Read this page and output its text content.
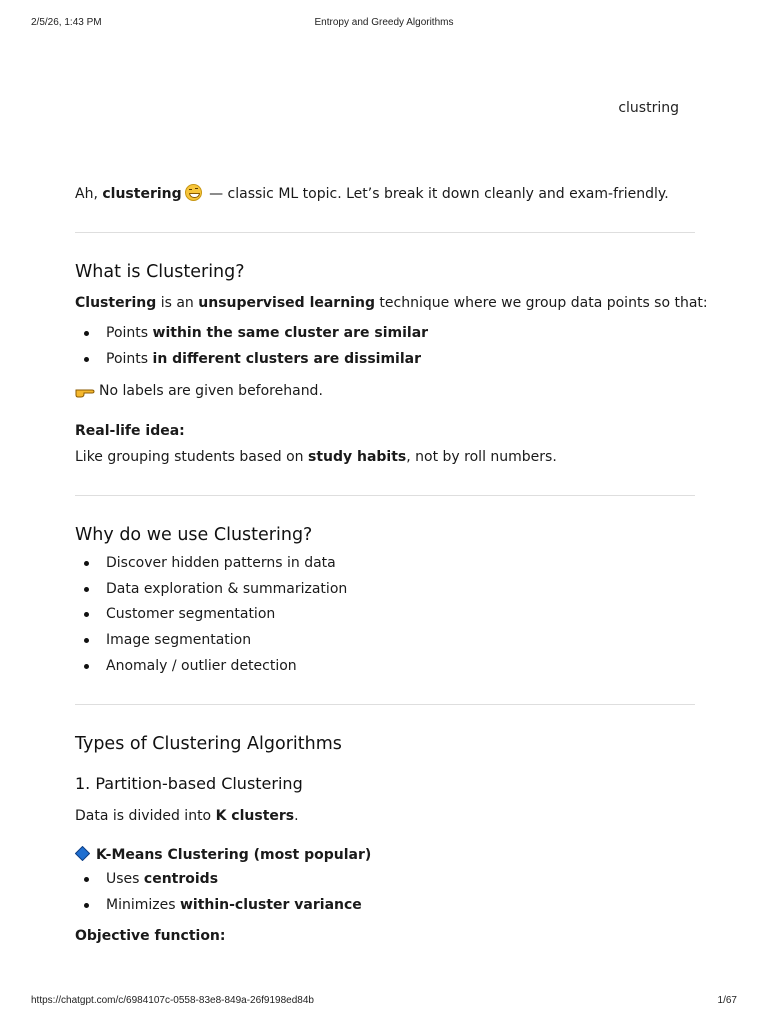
2/5/26, 1:43 PM	Entropy and Greedy Algorithms
clustring

Ah, clustering — classic ML topic. Let’s break it down cleanly and exam-friendly.

What is Clustering?

Clustering is an unsupervised learning technique where we group data points so that:

Points within the same cluster are similar
Points in different clusters are dissimilar

No labels are given beforehand.

Real-life idea:

Like grouping students based on study habits, not by roll numbers.

Why do we use Clustering?
Discover hidden patterns in data
Data exploration & summarization
Customer segmentation
Image segmentation
Anomaly / outlier detection
Types of Clustering Algorithms
1. Partition-based Clustering

Data is divided into K clusters.

K-Means Clustering (most popular)

Uses centroids
Minimizes within-cluster variance

Objective function:

https://chatgpt.com/c/6984107c-0558-83e8-849a-26f9198ed84b	1/67
